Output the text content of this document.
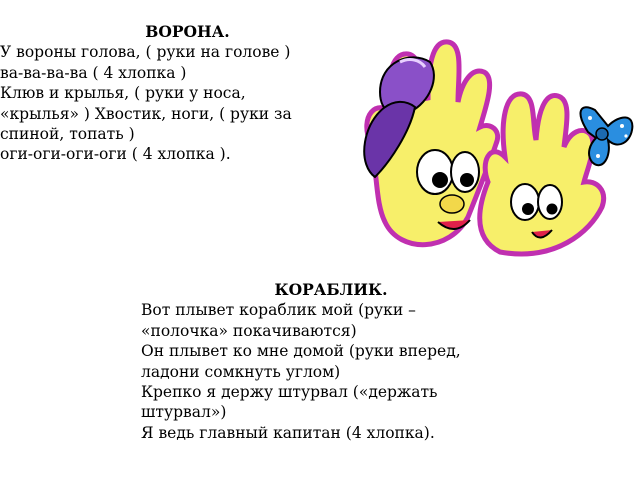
ВОРОНА.
У вороны голова, ( руки на голове )
ва-ва-ва-ва ( 4 хлопка )
Клюв и крылья, ( руки у носа,
«крылья» ) Хвостик, ноги, ( руки за
спиной, топать )
оги-оги-оги-оги ( 4 хлопка ).
КОРАБЛИК.
Вот плывет кораблик мой (руки –
«полочка» покачиваются)
Он плывет ко мне домой (руки вперед,
ладони сомкнуть углом)
Крепко я держу штурвал («держать
штурвал»)
Я ведь главный капитан (4 хлопка).
